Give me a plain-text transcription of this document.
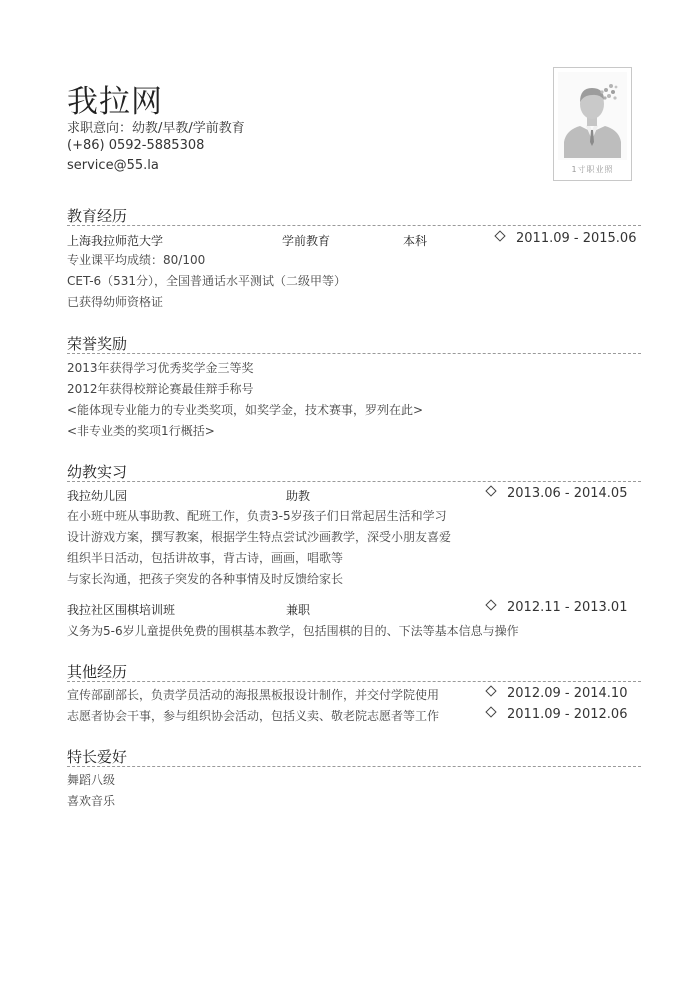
我拉网
求职意向：幼教/早教/学前教育
(+86) 0592-5885308
service@55.la	1寸职业照
教育经历
上海我拉师范大学	学前教育	本科	2011.09 - 2015.06
专业课平均成绩：80/100
CET-6（531分），全国普通话水平测试（二级甲等）
已获得幼师资格证
荣誉奖励
2013年获得学习优秀奖学金三等奖
2012年获得校辩论赛最佳辩手称号
<能体现专业能力的专业类奖项，如奖学金，技术赛事，罗列在此>
<非专业类的奖项1行概括>
幼教实习
我拉幼儿园	助教	2013.06 - 2014.05
在小班中班从事助教、配班工作，负责3-5岁孩子们日常起居生活和学习
设计游戏方案，撰写教案，根据学生特点尝试沙画教学，深受小朋友喜爱
组织半日活动，包括讲故事，背古诗，画画，唱歌等
与家长沟通，把孩子突发的各种事情及时反馈给家长
我拉社区围棋培训班	兼职	2012.11 - 2013.01
义务为5-6岁儿童提供免费的围棋基本教学，包括围棋的目的、下法等基本信息与操作
其他经历
宣传部副部长，负责学员活动的海报黑板报设计制作，并交付学院使用	2012.09 - 2014.10
志愿者协会干事，参与组织协会活动，包括义卖、敬老院志愿者等工作	2011.09 - 2012.06
特长爱好
舞蹈八级
喜欢音乐
